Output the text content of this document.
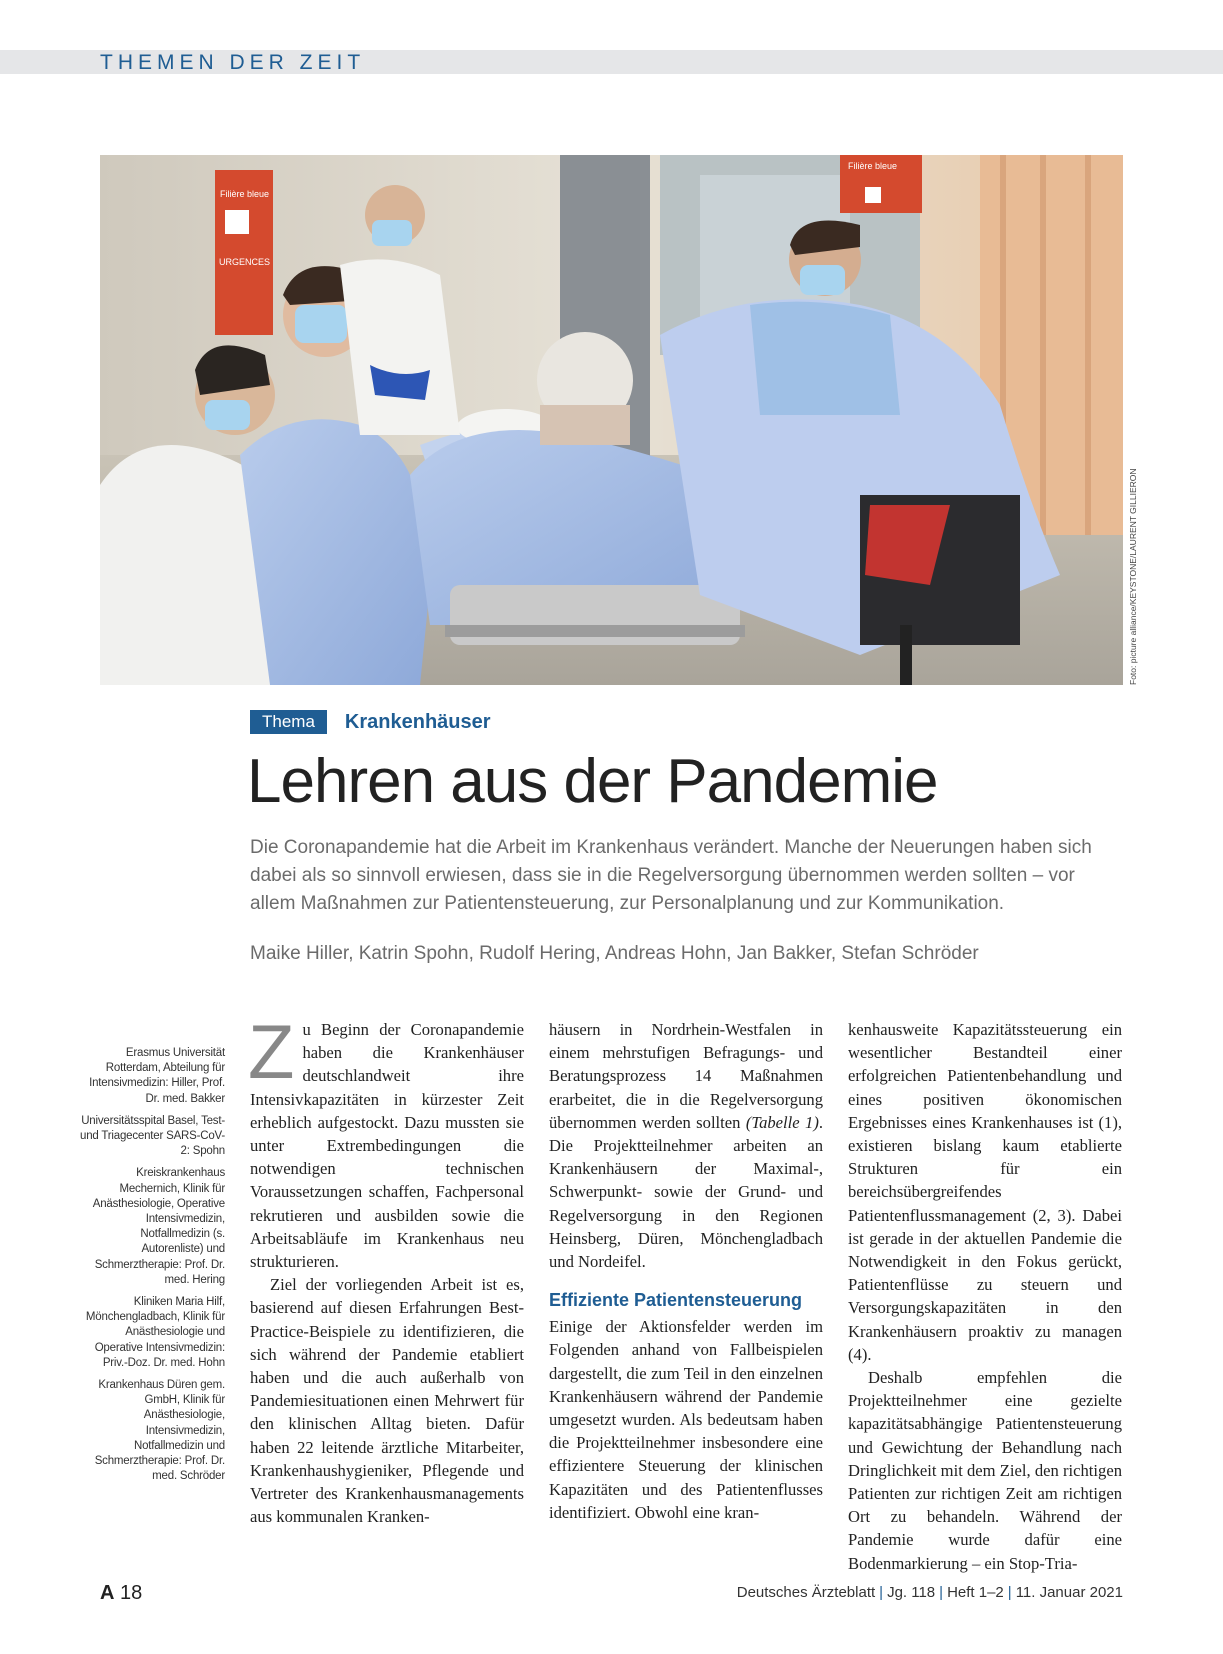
THEMEN DER ZEIT
Filière bleue
URGENCES
Filière bleue
Foto: picture alliance/KEYSTONE/LAURENT GILLIERON
Thema	Krankenhäuser
Lehren aus der Pandemie
Die Coronapandemie hat die Arbeit im Krankenhaus verändert. Manche der Neuerungen haben sich dabei als so sinnvoll erwiesen, dass sie in die Regelversorgung übernommen werden sollten – vor allem Maßnahmen zur Patientensteuerung, zur Personalplanung und zur Kommunikation.
Maike Hiller, Katrin Spohn, Rudolf Hering, Andreas Hohn, Jan Bakker, Stefan Schröder

Erasmus Universität Rotterdam, Abteilung für Intensivmedizin: Hiller, Prof. Dr. med. Bakker

Universitätsspital Basel, Test- und Triagecenter SARS-CoV-2: Spohn

Kreiskrankenhaus Mechernich, Klinik für Anästhesiologie, Operative Intensivmedizin, Notfallmedizin (s. Autorenliste) und Schmerztherapie: Prof. Dr. med. Hering

Kliniken Maria Hilf, Mönchengladbach, Klinik für Anästhesiologie und Operative Intensivmedizin: Priv.-Doz. Dr. med. Hohn

Krankenhaus Düren gem. GmbH, Klinik für Anästhesiologie, Intensivmedizin, Notfallmedizin und Schmerztherapie: Prof. Dr. med. Schröder

Zu Beginn der Coronapandemie haben die Krankenhäuser deutschlandweit ihre Intensivkapazitäten in kürzester Zeit erheblich aufgestockt. Dazu mussten sie unter Extrembedingungen die notwendigen technischen Voraussetzungen schaffen, Fachpersonal rekrutieren und ausbilden sowie die Arbeitsabläufe im Krankenhaus neu strukturieren.

Ziel der vorliegenden Arbeit ist es, basierend auf diesen Erfahrungen Best-Practice-Beispiele zu identifizieren, die sich während der Pandemie etabliert haben und die auch außerhalb von Pandemiesituationen einen Mehrwert für den klinischen Alltag bieten. Dafür haben 22 leitende ärztliche Mitarbeiter, Krankenhaushygieniker, Pflegende und Vertreter des Krankenhausmanagements aus kommunalen Kranken-

häusern in Nordrhein-Westfalen in einem mehrstufigen Befragungs- und Beratungsprozess 14 Maßnahmen erarbeitet, die in die Regelversorgung übernommen werden sollten (Tabelle 1). Die Projektteilnehmer arbeiten an Krankenhäusern der Maximal-, Schwerpunkt- sowie der Grund- und Regelversorgung in den Regionen Heinsberg, Düren, Mönchengladbach und Nordeifel.

Effiziente Patientensteuerung

Einige der Aktionsfelder werden im Folgenden anhand von Fallbeispielen dargestellt, die zum Teil in den einzelnen Krankenhäusern während der Pandemie umgesetzt wurden. Als bedeutsam haben die Projektteilnehmer insbesondere eine effizientere Steuerung der klinischen Kapazitäten und des Patientenflusses identifiziert. Obwohl eine kran-

kenhausweite Kapazitätssteuerung ein wesentlicher Bestandteil einer erfolgreichen Patientenbehandlung und eines positiven ökonomischen Ergebnisses eines Krankenhauses ist (1), existieren bislang kaum etablierte Strukturen für ein bereichsübergreifendes Patientenflussmanagement (2, 3). Dabei ist gerade in der aktuellen Pandemie die Notwendigkeit in den Fokus gerückt, Patientenflüsse zu steuern und Versorgungskapazitäten in den Krankenhäusern proaktiv zu managen (4).

Deshalb empfehlen die Projektteilnehmer eine gezielte kapazitätsabhängige Patientensteuerung und Gewichtung der Behandlung nach Dringlichkeit mit dem Ziel, den richtigen Patienten zur richtigen Zeit am richtigen Ort zu behandeln. Während der Pandemie wurde dafür eine Bodenmarkierung – ein Stop-Tria-

A 18	Deutsches Ärzteblatt | Jg. 118 | Heft 1–2 | 11. Januar 2021
